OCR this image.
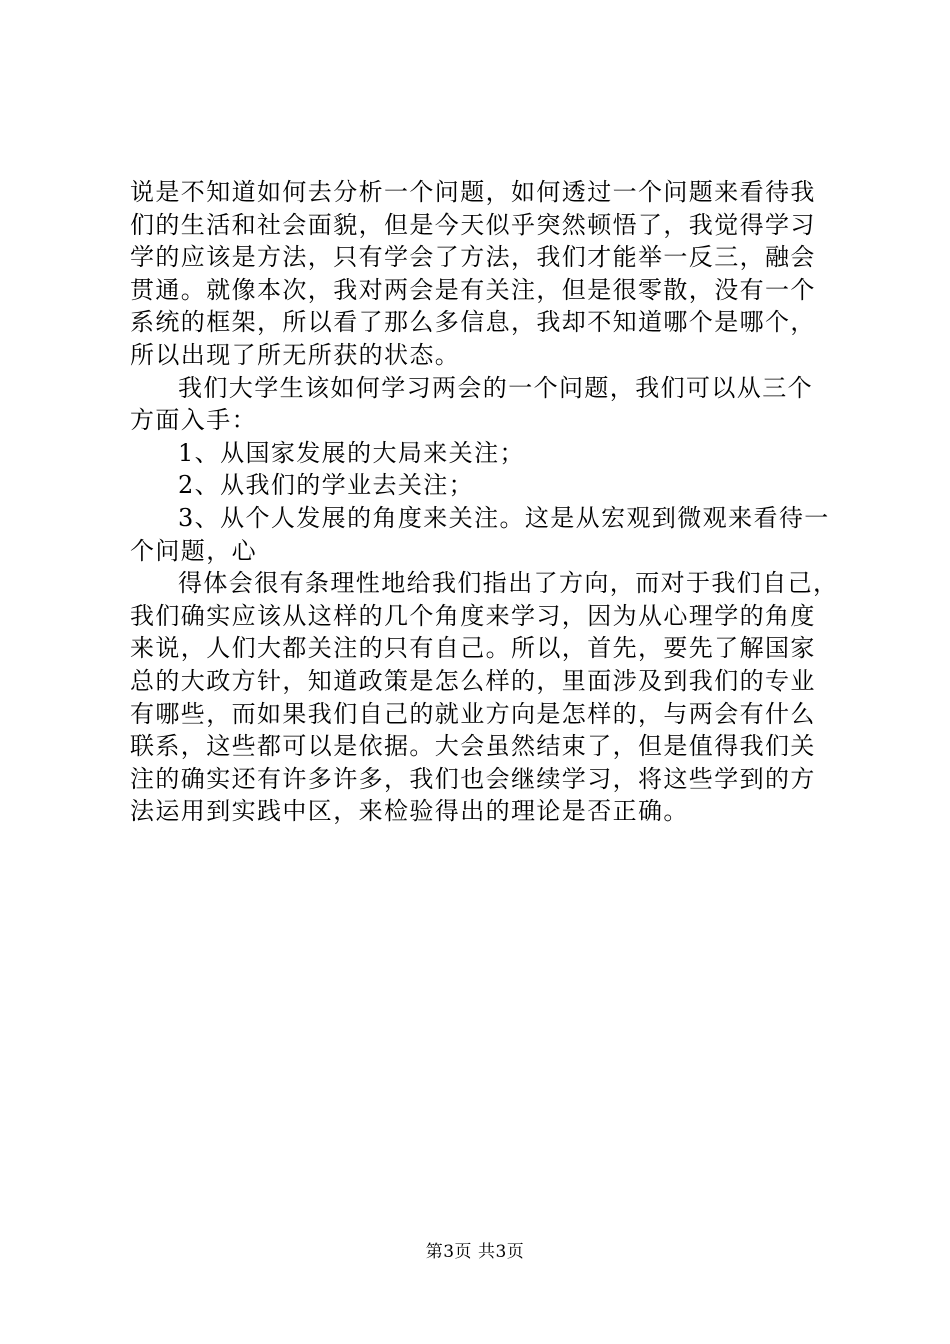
说是不知道如何去分析一个问题，如何透过一个问题来看待我
们的生活和社会面貌，但是今天似乎突然顿悟了，我觉得学习
学的应该是方法，只有学会了方法，我们才能举一反三，融会
贯通。就像本次，我对两会是有关注，但是很零散，没有一个
系统的框架，所以看了那么多信息，我却不知道哪个是哪个，
所以出现了所无所获的状态。
我们大学生该如何学习两会的一个问题，我们可以从三个
方面入手：
1、从国家发展的大局来关注；
2、从我们的学业去关注；
3、从个人发展的角度来关注。这是从宏观到微观来看待一
个问题，心
得体会很有条理性地给我们指出了方向，而对于我们自己，
我们确实应该从这样的几个角度来学习，因为从心理学的角度
来说，人们大都关注的只有自己。所以，首先，要先了解国家
总的大政方针，知道政策是怎么样的，里面涉及到我们的专业
有哪些，而如果我们自己的就业方向是怎样的，与两会有什么
联系，这些都可以是依据。大会虽然结束了，但是值得我们关
注的确实还有许多许多，我们也会继续学习，将这些学到的方
法运用到实践中区，来检验得出的理论是否正确。
第3页 共3页
